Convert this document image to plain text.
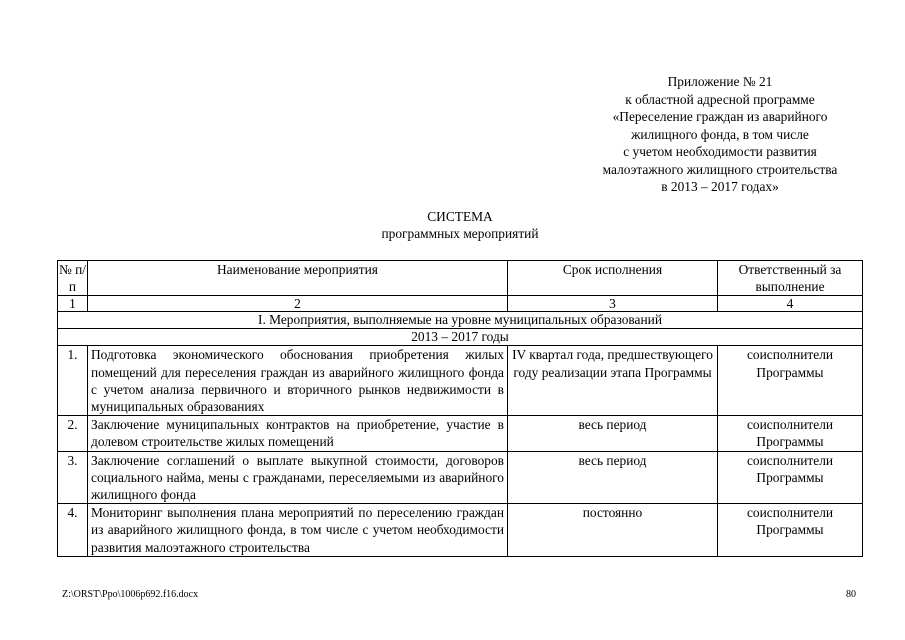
Приложение № 21
к областной адресной программе
«Переселение граждан из аварийного
жилищного фонда, в том числе
с учетом необходимости развития
малоэтажного жилищного строительства
в 2013 – 2017 годах»
СИСТЕМА
программных мероприятий
№ п/п	Наименование мероприятия	Срок исполнения	Ответственный за выполнение
1	2	3	4
I. Мероприятия, выполняемые на уровне муниципальных образований			
2013 – 2017 годы			
1.	Подготовка экономического обоснования приобретения жилых помещений для переселения граждан из аварийного жилищного фонда с учетом анализа первичного и вторичного рынков недвижимости в муниципальных образованиях	IV квартал года, предшествующего году реализации этапа Программы	соисполнители Программы
2.	Заключение муниципальных контрактов на приобретение, участие в долевом строительстве жилых помещений	весь период	соисполнители Программы
3.	Заключение соглашений о выплате выкупной стоимости, договоров социального найма, мены с гражданами, переселяемыми из аварийного жилищного фонда	весь период	соисполнители Программы
4.	Мониторинг выполнения плана мероприятий по переселению граждан из аварийного жилищного фонда, в том числе с учетом необходимости развития малоэтажного строительства	постоянно	соисполнители Программы
Z:\ORST\Ppo\1006p692.f16.docx	80
